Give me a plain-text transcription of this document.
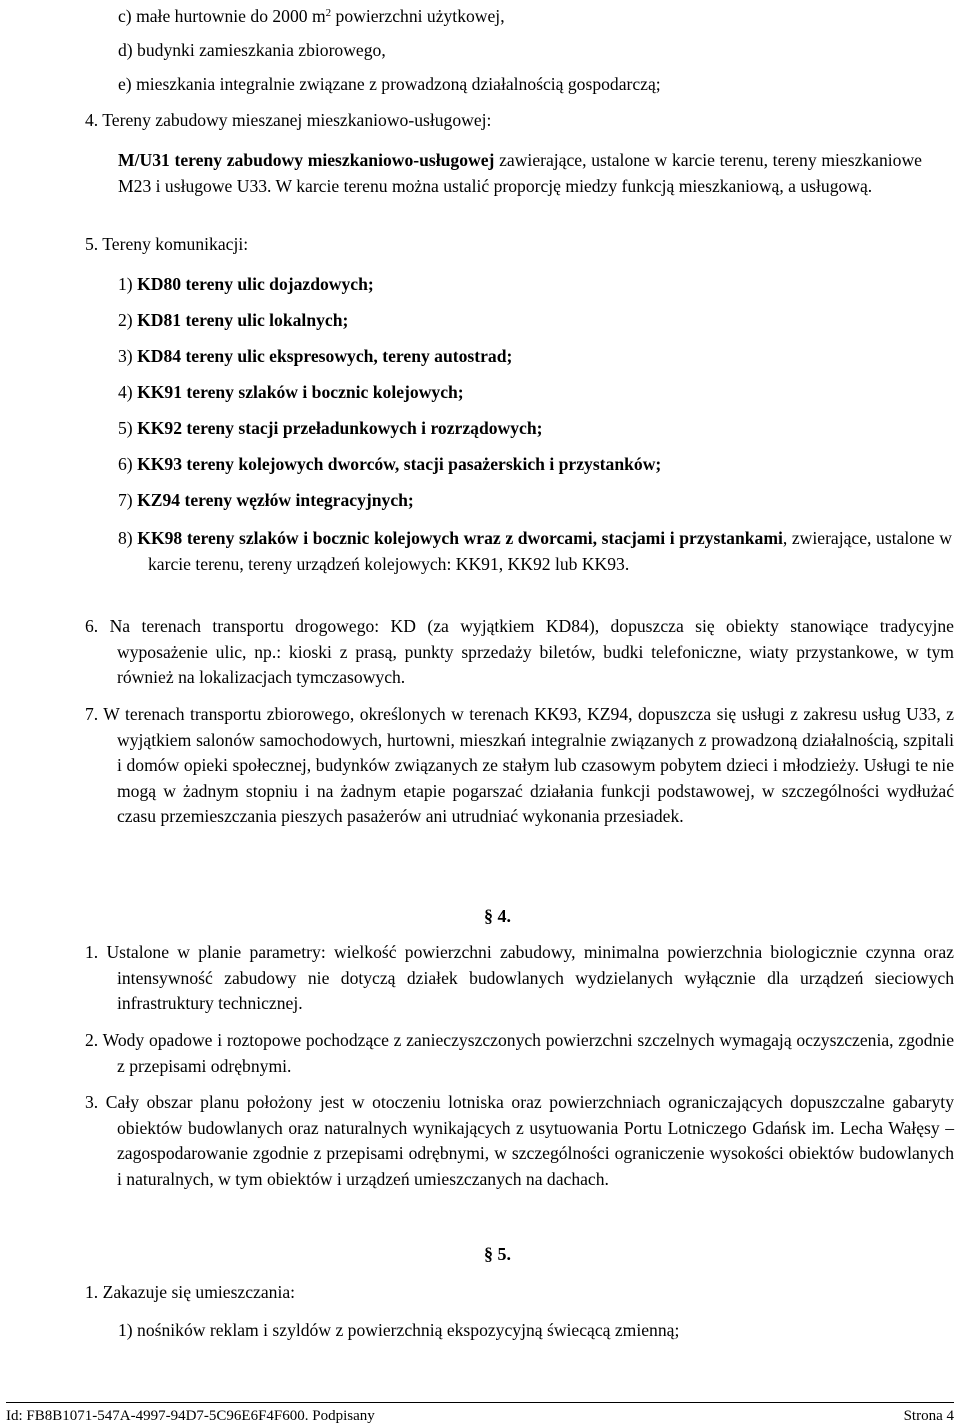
c) małe hurtownie do 2000 $m^2$ powierzchni użytkowej,

d) budynki zamieszkania zbiorowego,

e) mieszkania integralnie związane z prowadzoną działalnością gospodarczą;

4. Tereny zabudowy mieszanej mieszkaniowo-usługowej:

M/U31 tereny zabudowy mieszkaniowo-usługowej zawierające, ustalone w karcie terenu, tereny mieszkaniowe M23 i usługowe U33. W karcie terenu można ustalić proporcję miedzy funkcją mieszkaniową, a usługową.

5. Tereny komunikacji:

1) KD80 tereny ulic dojazdowych;

2) KD81 tereny ulic lokalnych;

3) KD84 tereny ulic ekspresowych, tereny autostrad;

4) KK91 tereny szlaków i bocznic kolejowych;

5) KK92 tereny stacji przeładunkowych i rozrządowych;

6) KK93 tereny kolejowych dworców, stacji pasażerskich i przystanków;

7) KZ94 tereny węzłów integracyjnych;

8) KK98 tereny szlaków i bocznic kolejowych wraz z dworcami, stacjami i przystankami, zwierające, ustalone w karcie terenu, tereny urządzeń kolejowych: KK91, KK92 lub KK93.

6. Na terenach transportu drogowego: KD (za wyjątkiem KD84), dopuszcza się obiekty stanowiące tradycyjne wyposażenie ulic, np.: kioski z prasą, punkty sprzedaży biletów, budki telefoniczne, wiaty przystankowe, w tym również na lokalizacjach tymczasowych.

7. W terenach transportu zbiorowego, określonych w terenach KK93, KZ94, dopuszcza się usługi z zakresu usług U33, z wyjątkiem salonów samochodowych, hurtowni, mieszkań integralnie związanych z prowadzoną działalnością, szpitali i domów opieki społecznej, budynków związanych ze stałym lub czasowym pobytem dzieci i młodzieży. Usługi te nie mogą w żadnym stopniu i na żadnym etapie pogarszać działania funkcji podstawowej, w szczególności wydłużać czasu przemieszczania pieszych pasażerów ani utrudniać wykonania przesiadek.

§ 4.

1. Ustalone w planie parametry: wielkość powierzchni zabudowy, minimalna powierzchnia biologicznie czynna oraz intensywność zabudowy nie dotyczą działek budowlanych wydzielanych wyłącznie dla urządzeń sieciowych infrastruktury technicznej.

2. Wody opadowe i roztopowe pochodzące z zanieczyszczonych powierzchni szczelnych wymagają oczyszczenia, zgodnie z przepisami odrębnymi.

3. Cały obszar planu położony jest w otoczeniu lotniska oraz powierzchniach ograniczających dopuszczalne gabaryty obiektów budowlanych oraz naturalnych wynikających z usytuowania Portu Lotniczego Gdańsk im. Lecha Wałęsy – zagospodarowanie zgodnie z przepisami odrębnymi, w szczególności ograniczenie wysokości obiektów budowlanych i naturalnych, w tym obiektów i urządzeń umieszczanych na dachach.

§ 5.

1. Zakazuje się umieszczania:

1) nośników reklam i szyldów z powierzchnią ekspozycyjną świecącą zmienną;

Id: FB8B1071-547A-4997-94D7-5C96E6F4F600. Podpisany	Strona 4
